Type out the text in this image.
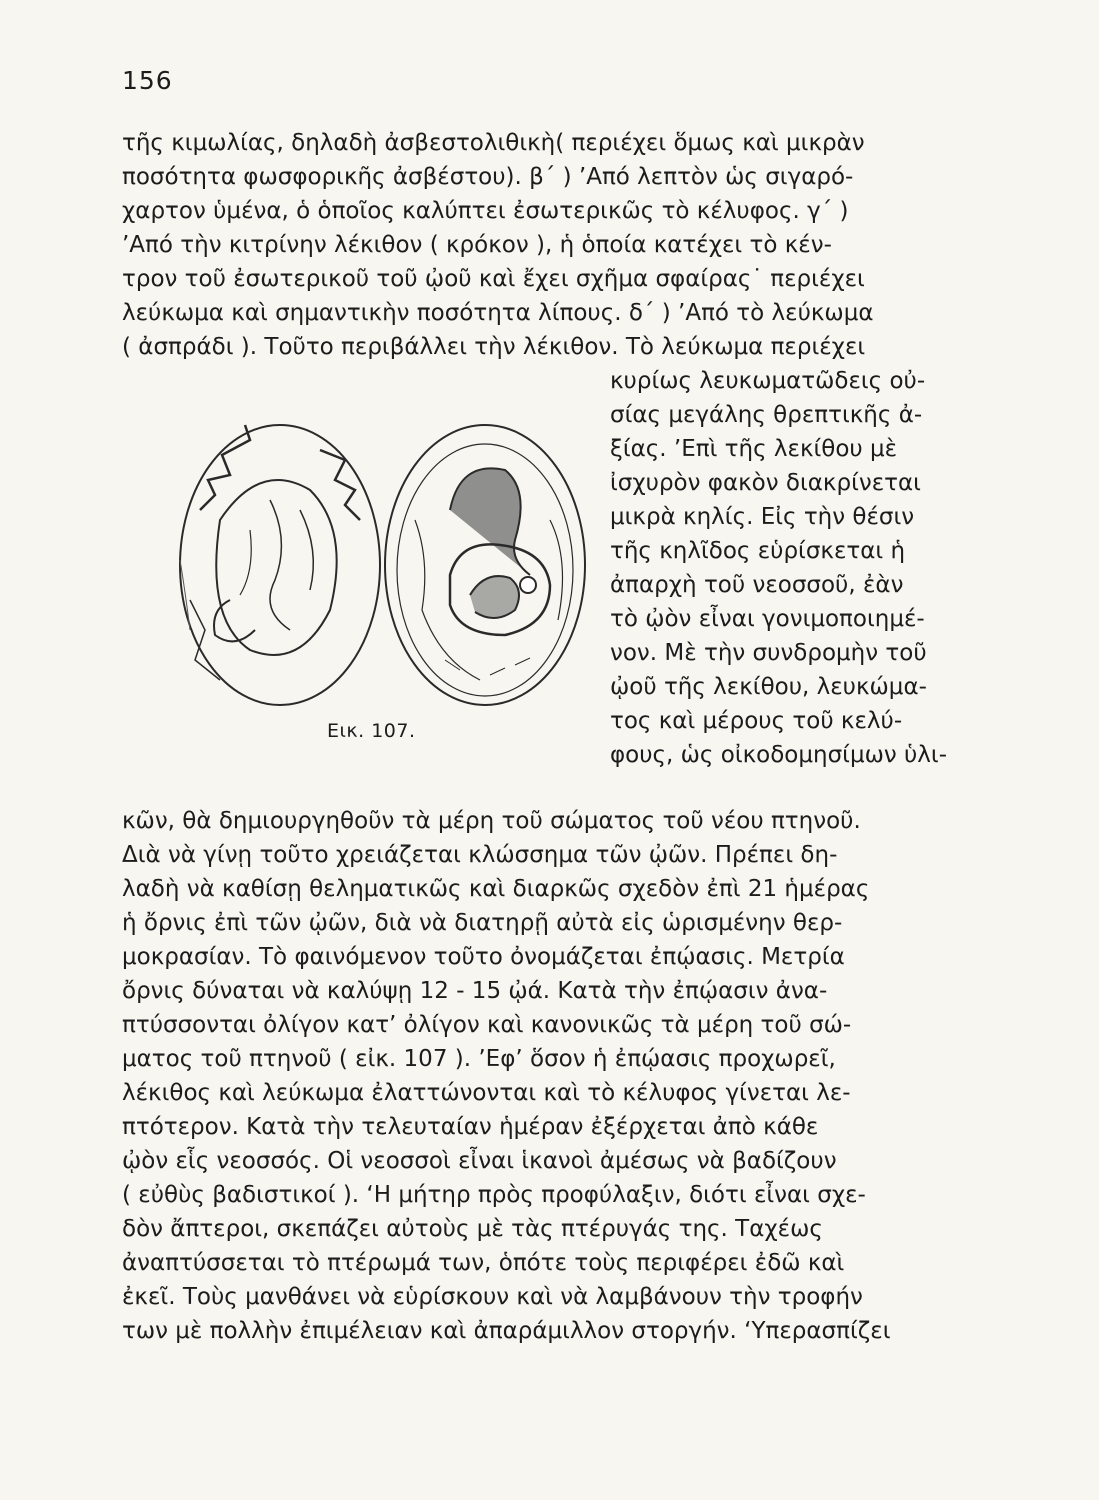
156
τῆς κιμωλίας, δηλαδὴ ἀσβεστολιθικὴ( περιέχει ὅμως καὶ μικρὰν
ποσότητα φωσφορικῆς ἀσβέστου). β΄ ) ’Από λεπτὸν ὡς σιγαρό-
χαρτον ὑμένα, ὁ ὁποῖος καλύπτει ἐσωτερικῶς τὸ κέλυφος. γ΄ )
’Από τὴν κιτρίνην λέκιθον ( κρόκον ), ἡ ὁποία κατέχει τὸ κέν-
τρον τοῦ ἐσωτερικοῦ τοῦ ᾠοῦ καὶ ἔχει σχῆμα σφαίρας˙ περιέχει
λεύκωμα καὶ σημαντικὴν ποσότητα λίπους. δ΄ ) ’Από τὸ λεύκωμα
( ἀσπράδι ). Τοῦτο περιβάλλει τὴν λέκιθον. Τὸ λεύκωμα περιέχει
κυρίως λευκωματῶδεις οὐ-
σίας μεγάλης θρεπτικῆς ἀ-
ξίας. ’Επὶ τῆς λεκίθου μὲ
ἰσχυρὸν φακὸν διακρίνεται
μικρὰ κηλίς. Εἰς τὴν θέσιν
τῆς κηλῖδος εὑρίσκεται ἡ
ἀπαρχὴ τοῦ νεοσσοῦ, ἐὰν
τὸ ᾠὸν εἶναι γονιμοποιημέ-
νον. Μὲ τὴν συνδρομὴν τοῦ
ᾠοῦ τῆς λεκίθου, λευκώμα-
τος καὶ μέρους τοῦ κελύ-
φους, ὡς οἰκοδομησίμων ὑλι-
Εικ. 107.
κῶν, θὰ δημιουργηθοῦν τὰ μέρη τοῦ σώματος τοῦ νέου πτηνοῦ.
Διὰ νὰ γίνῃ τοῦτο χρειάζεται κλώσσημα τῶν ᾠῶν. Πρέπει δη-
λαδὴ νὰ καθίσῃ θεληματικῶς καὶ διαρκῶς σχεδὸν ἐπὶ 21 ἡμέρας
ἡ ὄρνις ἐπὶ τῶν ᾠῶν, διὰ νὰ διατηρῇ αὐτὰ εἰς ὡρισμένην θερ-
μοκρασίαν. Τὸ φαινόμενον τοῦτο ὀνομάζεται ἐπῴασις. Μετρία
ὄρνις δύναται νὰ καλύψῃ 12 - 15 ᾠά. Κατὰ τὴν ἐπῴασιν ἀνα-
πτύσσονται ὀλίγον κατ’ ὀλίγον καὶ κανονικῶς τὰ μέρη τοῦ σώ-
ματος τοῦ πτηνοῦ ( εἰκ. 107 ). ’Εφ’ ὅσον ἡ ἐπῴασις προχωρεῖ,
λέκιθος καὶ λεύκωμα ἐλαττώνονται καὶ τὸ κέλυφος γίνεται λε-
πτότερον. Κατὰ τὴν τελευταίαν ἡμέραν ἐξέρχεται ἀπὸ κάθε
ᾠὸν εἷς νεοσσός. Οἱ νεοσσοὶ εἶναι ἱκανοὶ ἀμέσως νὰ βαδίζουν
( εὐθὺς βαδιστικοί ). ‘Η μήτηρ πρὸς προφύλαξιν, διότι εἶναι σχε-
δὸν ἄπτεροι, σκεπάζει αὐτοὺς μὲ τὰς πτέρυγάς της. Ταχέως
ἀναπτύσσεται τὸ πτέρωμά των, ὁπότε τοὺς περιφέρει ἐδῶ καὶ
ἐκεῖ. Τοὺς μανθάνει νὰ εὑρίσκουν καὶ νὰ λαμβάνουν τὴν τροφήν
των μὲ πολλὴν ἐπιμέλειαν καὶ ἀπαράμιλλον στοργήν. ‘Υπερασπίζει
